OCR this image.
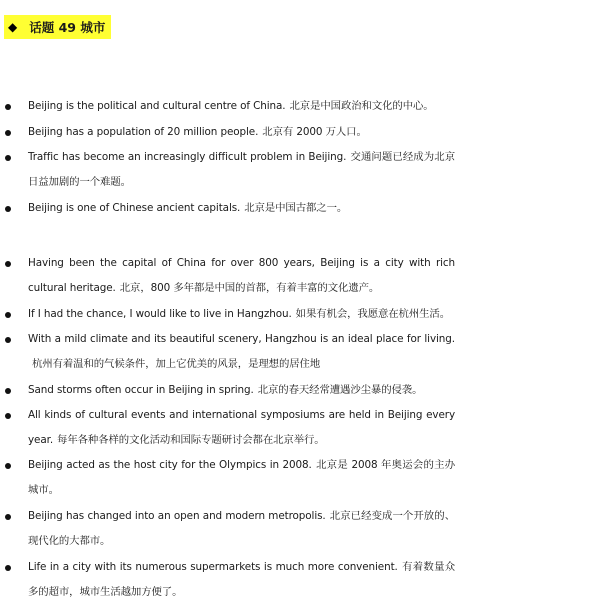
◆ 话题 49 城市
Beijing is the political and cultural centre of China. 北京是中国政治和文化的中心。
Beijing has a population of 20 million people. 北京有 2000 万人口。
Traffic has become an increasingly difficult problem in Beijing. 交通问题已经成为北京日益加剧的一个难题。
Beijing is one of Chinese ancient capitals. 北京是中国古都之一。
Having been the capital of China for over 800 years, Beijing is a city with rich cultural heritage. 北京，800 多年都是中国的首都，有着丰富的文化遗产。
If I had the chance, I would like to live in Hangzhou. 如果有机会，我愿意在杭州生活。
With a mild climate and its beautiful scenery, Hangzhou is an ideal place for living.杭州有着温和的气候条件，加上它优美的风景，是理想的居住地
Sand storms often occur in Beijing in spring. 北京的春天经常遭遇沙尘暴的侵袭。
All kinds of cultural events and international symposiums are held in Beijing every year. 每年各种各样的文化活动和国际专题研讨会都在北京举行。
Beijing acted as the host city for the Olympics in 2008. 北京是 2008 年奥运会的主办城市。
Beijing has changed into an open and modern metropolis. 北京已经变成一个开放的、现代化的大都市。
Life in a city with its numerous supermarkets is much more convenient. 有着数量众多的超市，城市生活越加方便了。
